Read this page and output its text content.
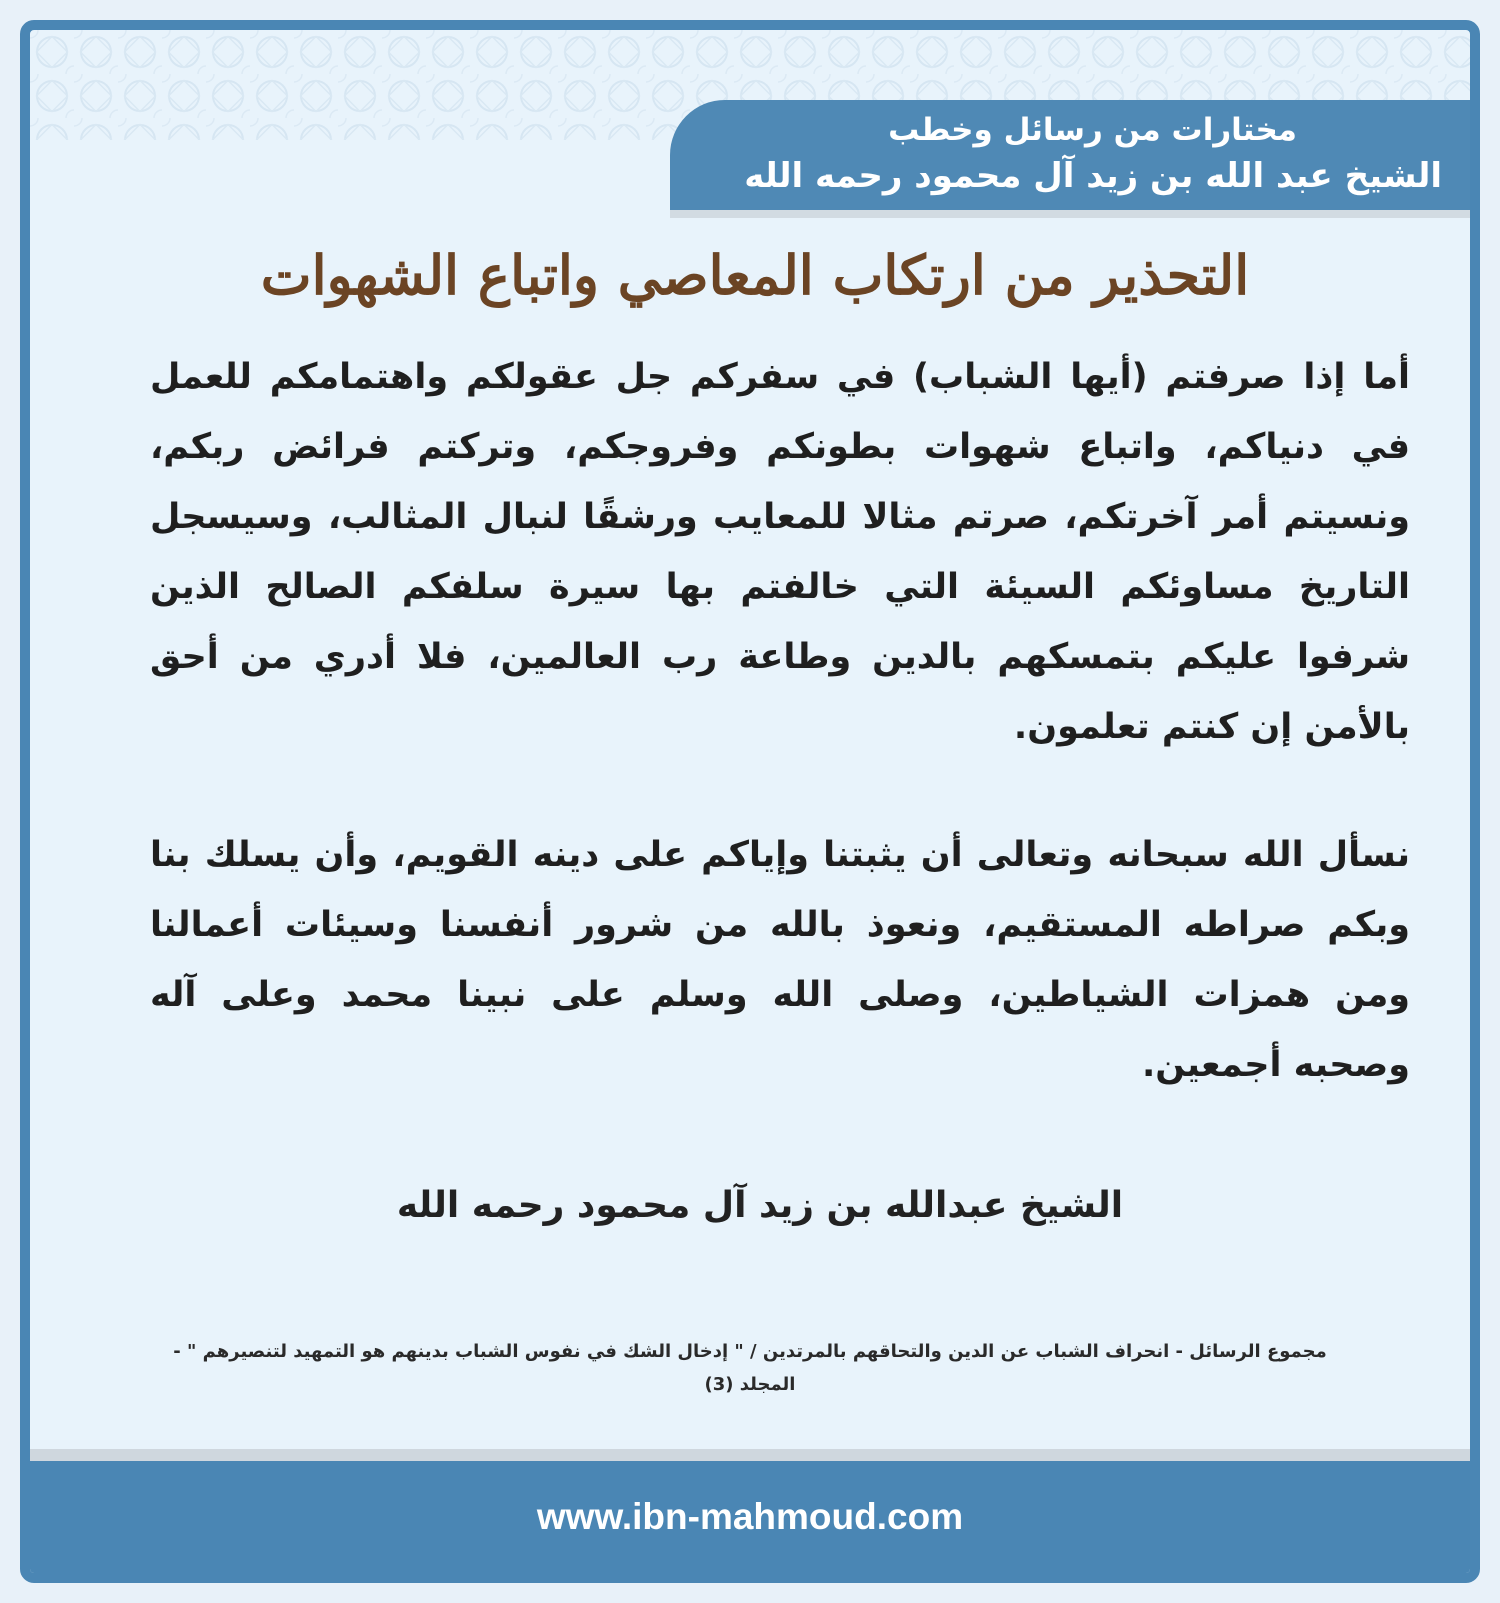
مختارات من رسائل وخطب
الشيخ عبد الله بن زيد آل محمود رحمه الله
التحذير من ارتكاب المعاصي واتباع الشهوات

أما إذا صرفتم (أيها الشباب) في سفركم جل عقولكم واهتمامكم للعمل في دنياكم، واتباع شهوات بطونكم وفروجكم، وتركتم فرائض ربكم، ونسيتم أمر آخرتكم، صرتم مثالا للمعايب ورشقًا لنبال المثالب، وسيسجل التاريخ مساوئكم السيئة التي خالفتم بها سيرة سلفكم الصالح الذين شرفوا عليكم بتمسكهم بالدين وطاعة رب العالمين، فلا أدري من أحق بالأمن إن كنتم تعلمون.

نسأل الله سبحانه وتعالى أن يثبتنا وإياكم على دينه القويم، وأن يسلك بنا وبكم صراطه المستقيم، ونعوذ بالله من شرور أنفسنا وسيئات أعمالنا ومن همزات الشياطين، وصلى الله وسلم على نبينا محمد وعلى آله وصحبه أجمعين.

الشيخ عبدالله بن زيد آل محمود رحمه الله
مجموع الرسائل - انحراف الشباب عن الدين والتحاقهم بالمرتدين / " إدخال الشك في نفوس الشباب بدينهم هو التمهيد لتنصيرهم " - المجلد (3)
www.ibn-mahmoud.com
